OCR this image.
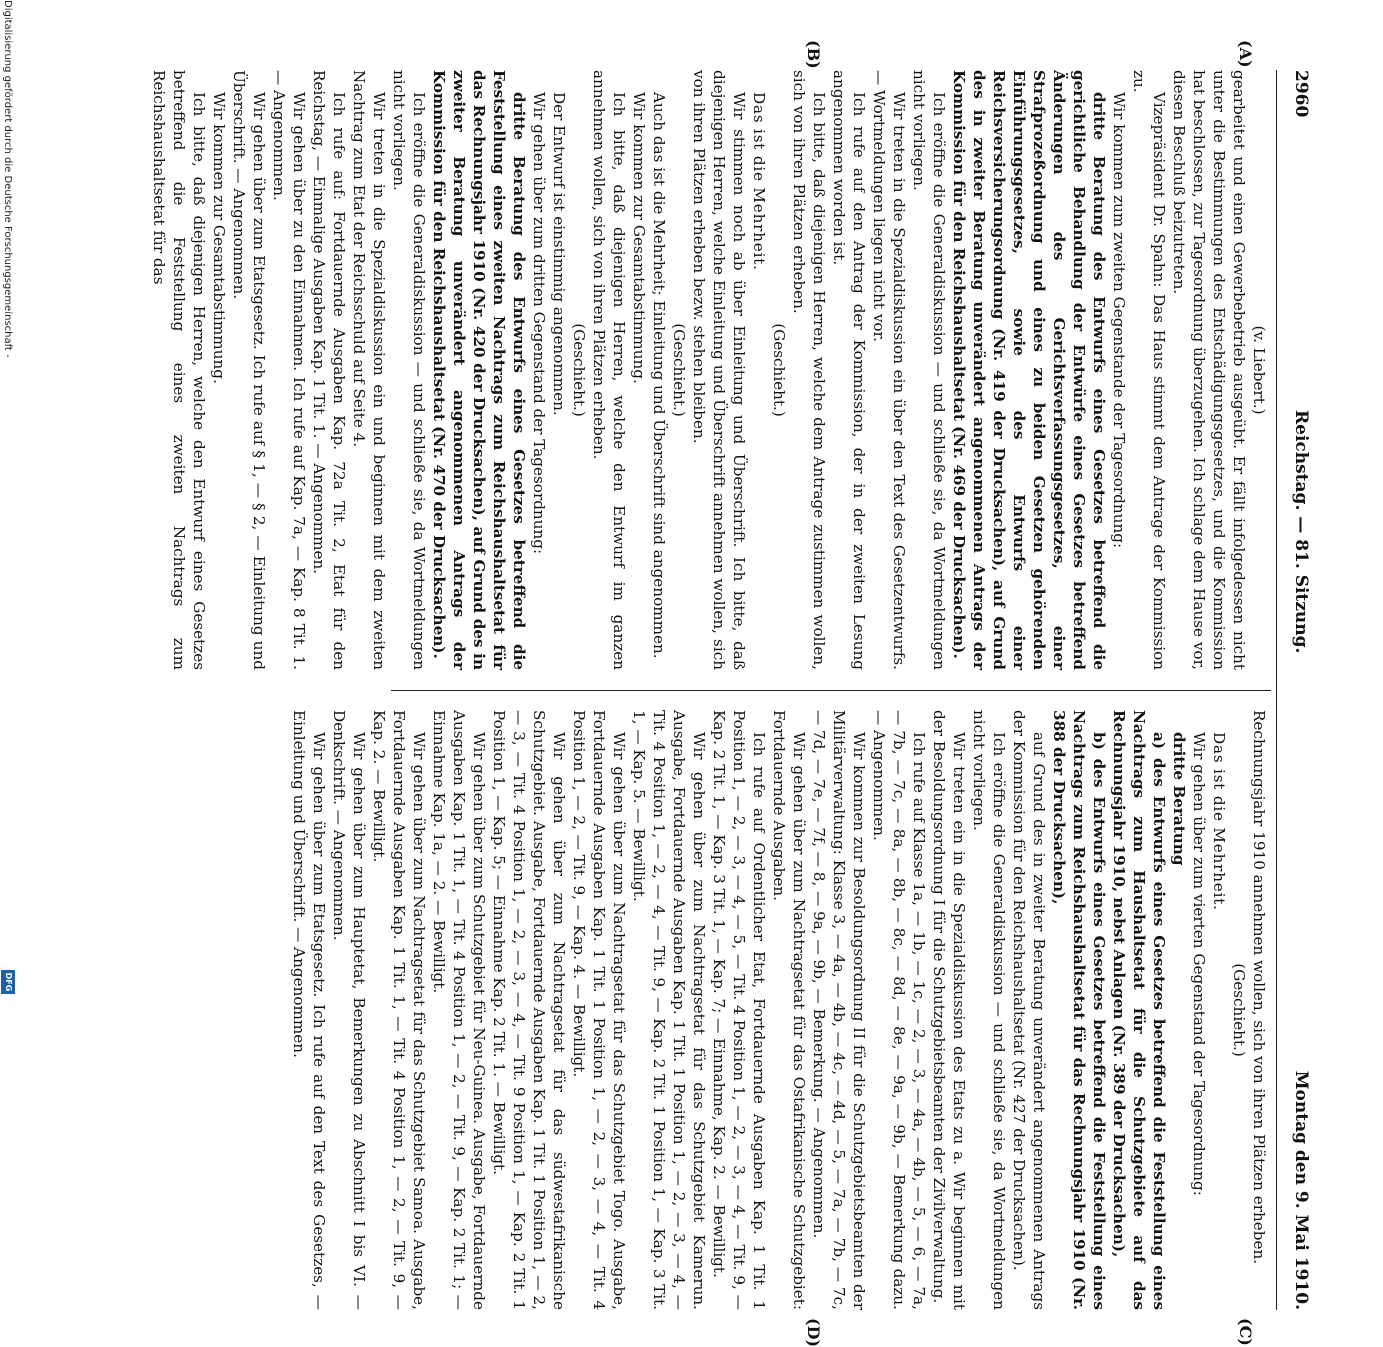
2960
Reichstag. — 81. Sitzung.
Montag den 9. Mai 1910.
(A)
(B)
(C)
(D)

(v. Liebert.)

gearbeitet und einen Gewerbebetrieb ausgeübt. Er fällt infolgedessen nicht unter die Bestimmungen des Entschädigungsgesetzes, und die Kommission hat beschlossen, zur Tagesordnung überzugehen. Ich schlage dem Hause vor, diesen Beschluß beizutreten.

Vizepräsident Dr. Spahn: Das Haus stimmt dem Antrage der Kommission zu.

Wir kommen zum zweiten Gegenstande der Tagesordnung:

dritte Beratung des Entwurfs eines Gesetzes betreffend die gerichtliche Behandlung der Entwürfe eines Gesetzes betreffend Änderungen des Gerichtsverfassungsgesetzes, einer Strafprozeßordnung und eines zu beiden Gesetzen gehörenden Einführungsgesetzes, sowie des Entwurfs einer Reichsversicherungsordnung (Nr. 419 der Drucksachen), auf Grund des in zweiter Beratung unverändert angenommenen Antrags der Kommission für den Reichshaushaltsetat (Nr. 469 der Drucksachen).

Ich eröffne die Generaldiskussion — und schließe sie, da Wortmeldungen nicht vorliegen.

Wir treten in die Spezialdiskussion ein über den Text des Gesetzentwurfs. — Wortmeldungen liegen nicht vor.

Ich rufe auf den Antrag der Kommission, der in der zweiten Lesung angenommen worden ist.

Ich bitte, daß diejenigen Herren, welche dem Antrage zustimmen wollen, sich von ihren Plätzen erheben.

(Geschieht.)

Das ist die Mehrheit.

Wir stimmen noch ab über Einleitung und Überschrift. Ich bitte, daß diejenigen Herren, welche Einleitung und Überschrift annehmen wollen, sich von ihren Plätzen erheben bezw. stehen bleiben.

(Geschieht.)

Auch das ist die Mehrheit; Einleitung und Überschrift sind angenommen.

Wir kommen zur Gesamtabstimmung.

Ich bitte, daß diejenigen Herren, welche den Entwurf im ganzen annehmen wollen, sich von ihren Plätzen erheben.

(Geschieht.)

Der Entwurf ist einstimmig angenommen.

Wir gehen über zum dritten Gegenstand der Tagesordnung:

dritte Beratung des Entwurfs eines Gesetzes betreffend die Feststellung eines zweiten Nachtrags zum Reichshaushaltsetat für das Rechnungsjahr 1910 (Nr. 420 der Drucksachen), auf Grund des in zweiter Beratung unverändert angenommenen Antrags der Kommission für den Reichshaushaltsetat (Nr. 470 der Drucksachen).

Ich eröffne die Generaldiskussion — und schließe sie, da Wortmeldungen nicht vorliegen.

Wir treten in die Spezialdiskussion ein und beginnen mit dem zweiten Nachtrag zum Etat der Reichsschuld auf Seite 4.

Ich rufe auf: Fortdauernde Ausgaben Kap. 72a Tit. 2, Etat für den Reichstag, — Einmalige Ausgaben Kap. 1 Tit. 1. — Angenommen.

Wir gehen über zu den Einnahmen. Ich rufe auf Kap. 7a, — Kap. 8 Tit. 1. — Angenommen.

Wir gehen über zum Etatsgesetz. Ich rufe auf § 1, — § 2, — Einleitung und Überschrift. — Angenommen.

Wir kommen zur Gesamtabstimmung.

Ich bitte, daß diejenigen Herren, welche den Entwurf eines Gesetzes betreffend die Feststellung eines zweiten Nachtrags zum Reichshaushaltsetat für das

Rechnungsjahr 1910 annehmen wollen, sich von ihren Plätzen erheben.

(Geschieht.)

Das ist die Mehrheit.

Wir gehen über zum vierten Gegenstand der Tagesordnung:

dritte Beratung

a) des Entwurfs eines Gesetzes betreffend die Feststellung eines Nachtrags zum Haushaltsetat für die Schutzgebiete auf das Rechnungsjahr 1910, nebst Anlagen (Nr. 389 der Drucksachen),

b) des Entwurfs eines Gesetzes betreffend die Feststellung eines Nachtrags zum Reichshaushaltsetat für das Rechnungsjahr 1910 (Nr. 388 der Drucksachen),

auf Grund des in zweiter Beratung unverändert angenommenen Antrags der Kommission für den Reichshaushaltsetat (Nr. 427 der Drucksachen).

Ich eröffne die Generaldiskussion — und schließe sie, da Wortmeldungen nicht vorliegen.

Wir treten ein in die Spezialdiskussion des Etats zu a. Wir beginnen mit der Besoldungsordnung I für die Schutzgebietsbeamten der Zivilverwaltung.

Ich rufe auf Klasse 1a, — 1b, — 1c, — 2, — 3, — 4a, — 4b, — 5, — 6, — 7a, — 7b, — 7c, — 8a, — 8b, — 8c, — 8d, — 8e, — 9a, — 9b, — Bemerkung dazu. — Angenommen.

Wir kommen zur Besoldungsordnung II für die Schutzgebietsbeamten der Militärverwaltung: Klasse 3, — 4a, — 4b, — 4c, — 4d, — 5, — 7a, — 7b, — 7c, — 7d, — 7e, — 7f, — 8, — 9a, — 9b, — Bemerkung. — Angenommen.

Wir gehen über zum Nachtragsetat für das Ostafrikanische Schutzgebiet: Fortdauernde Ausgaben.

Ich rufe auf Ordentlicher Etat, Fortdauernde Ausgaben Kap. 1 Tit. 1 Position 1, — 2, — 3, — 4, — 5, — Tit. 4 Position 1, — 2, — 3, — 4, — Tit. 9, — Kap. 2 Tit. 1, — Kap. 3 Tit. 1, — Kap. 7; — Einnahme, Kap. 2. — Bewilligt.

Wir gehen über zum Nachtragsetat für das Schutzgebiet Kamerun. Ausgabe, Fortdauernde Ausgaben Kap. 1 Tit. 1 Position 1, — 2, — 3, — 4, — Tit. 4 Position 1, — 2, — 4, — Tit. 9, — Kap. 2 Tit. 1 Position 1, — Kap. 3 Tit. 1, — Kap. 5. — Bewilligt.

Wir gehen über zum Nachtragsetat für das Schutzgebiet Togo. Ausgabe, Fortdauernde Ausgaben Kap. 1 Tit. 1 Position 1, — 2, — 3, — 4, — Tit. 4 Position 1, — 2, — Tit. 9, — Kap. 4. — Bewilligt.

Wir gehen über zum Nachtragsetat für das südwestafrikanische Schutzgebiet. Ausgabe, Fortdauernde Ausgaben Kap. 1 Tit. 1 Position 1, — 2, — 3, — Tit. 4 Position 1, — 2, — 3, — 4, — Tit. 9 Position 1, — Kap. 2 Tit. 1 Position 1, — Kap. 5; — Einnahme Kap. 2 Tit. 1. — Bewilligt.

Wir gehen über zum Schutzgebiet für Neu-Guinea. Ausgabe, Fortdauernde Ausgaben Kap. 1 Tit. 1, — Tit. 4 Position 1, — 2, — Tit. 9, — Kap. 2 Tit. 1; — Einnahme Kap. 1a, — 2. — Bewilligt.

Wir gehen über zum Nachtragsetat für das Schutzgebiet Samoa. Ausgabe, Fortdauernde Ausgaben Kap. 1 Tit. 1, — Tit. 4 Position 1, — 2, — Tit. 9, — Kap. 2. — Bewilligt.

Wir gehen über zum Hauptetat, Bemerkungen zu Abschnitt I bis VI. — Denkschrift. — Angenommen.

Wir gehen über zum Etatsgesetz. Ich rufe auf den Text des Gesetzes, — Einleitung und Überschrift. — Angenommen.

Digitalisierung gefördert durch die Deutsche Forschungsgemeinschaft -
DFG
